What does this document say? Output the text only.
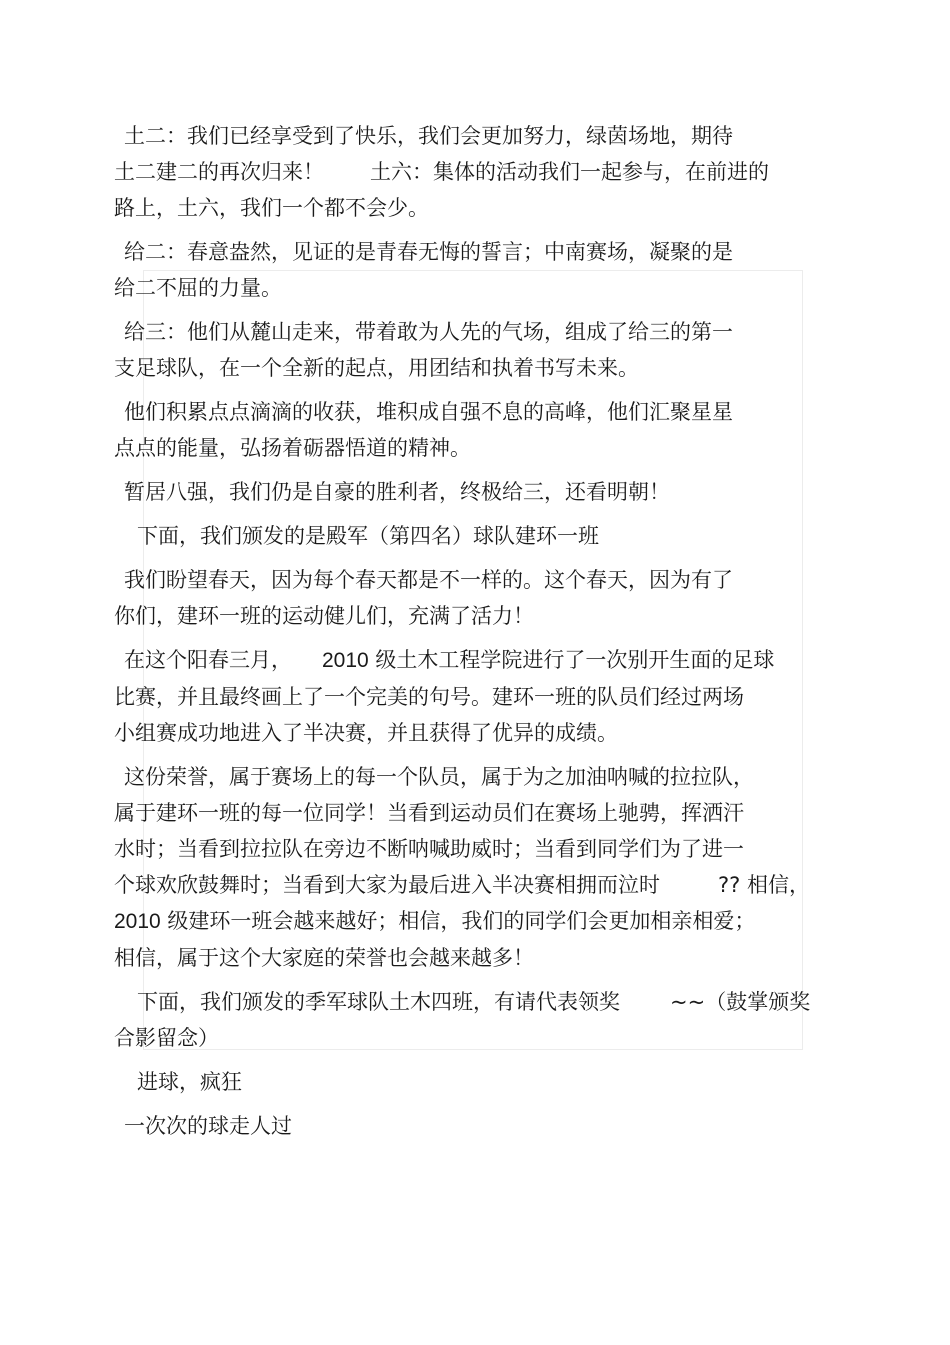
土二：我们已经享受到了快乐，我们会更加努力，绿茵场地，期待
土二建二的再次归来！ 土六：集体的活动我们一起参与，在前进的
路上，土六，我们一个都不会少。

给二：春意盎然，见证的是青春无悔的誓言；中南赛场，凝聚的是
给二不屈的力量。

给三：他们从麓山走来，带着敢为人先的气场，组成了给三的第一
支足球队，在一个全新的起点，用团结和执着书写未来。

他们积累点点滴滴的收获，堆积成自强不息的高峰，他们汇聚星星
点点的能量，弘扬着砺器悟道的精神。

暂居八强，我们仍是自豪的胜利者，终极给三，还看明朝！

下面，我们颁发的是殿军（第四名）球队建环一班

我们盼望春天，因为每个春天都是不一样的。这个春天，因为有了
你们，建环一班的运动健儿们，充满了活力！

在这个阳春三月， 2010 级土木工程学院进行了一次别开生面的足球
比赛，并且最终画上了一个完美的句号。建环一班的队员们经过两场
小组赛成功地进入了半决赛，并且获得了优异的成绩。

这份荣誉，属于赛场上的每一个队员，属于为之加油呐喊的拉拉队，
属于建环一班的每一位同学！当看到运动员们在赛场上驰骋，挥洒汗
水时；当看到拉拉队在旁边不断呐喊助威时；当看到同学们为了进一
个球欢欣鼓舞时；当看到大家为最后进入半决赛相拥而泣时	?? 相信，
2010 级建环一班会越来越好；相信，我们的同学们会更加相亲相爱；
相信，属于这个大家庭的荣誉也会越来越多！

下面，我们颁发的季军球队土木四班，有请代表领奖 ~~（鼓掌颁奖
合影留念）

进球，疯狂

一次次的球走人过
